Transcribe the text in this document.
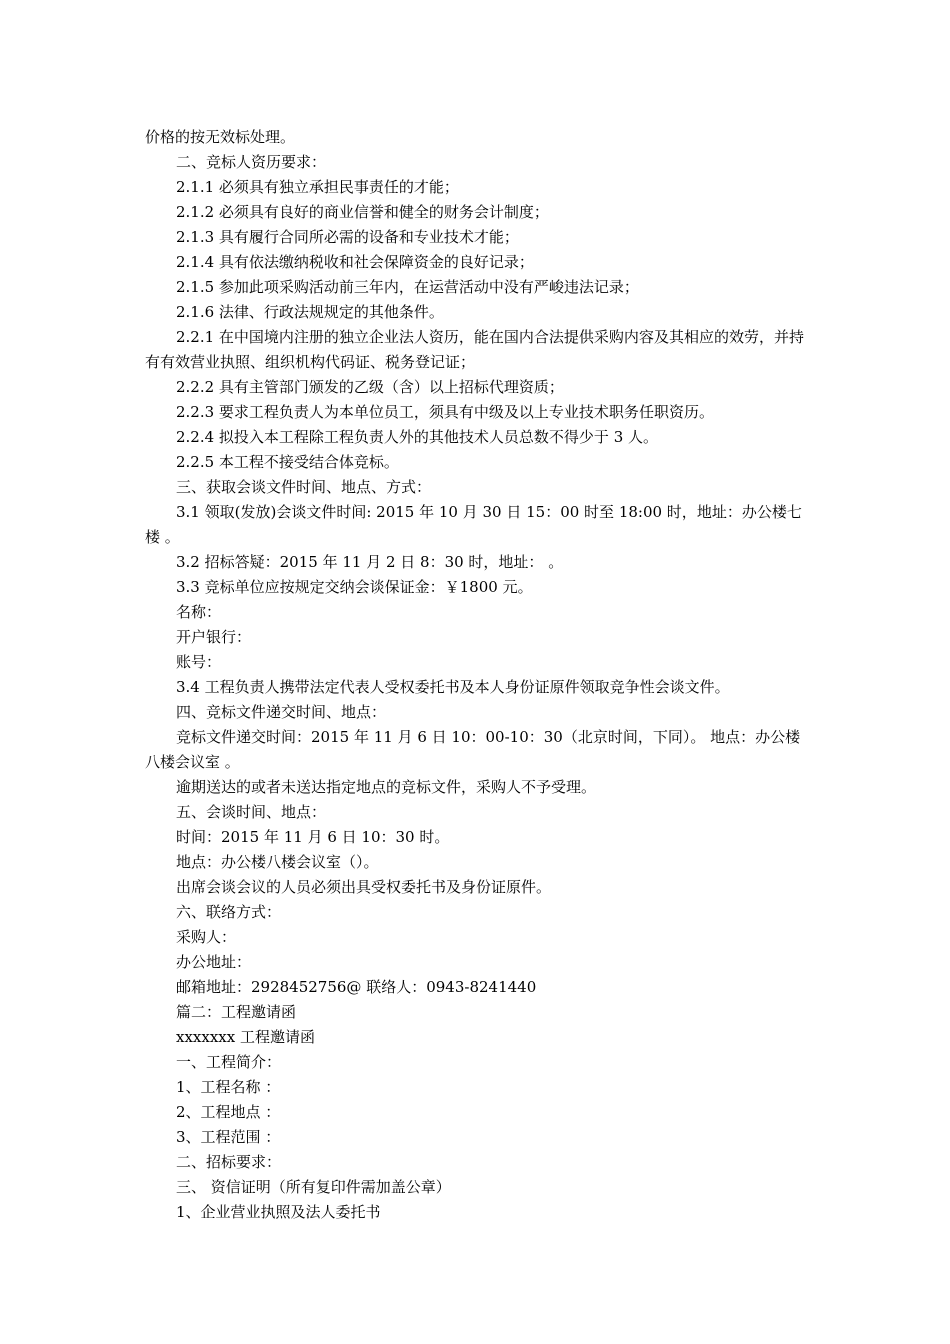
价格的按无效标处理。

二、竞标人资历要求：

2.1.1 必须具有独立承担民事责任的才能；

2.1.2 必须具有良好的商业信誉和健全的财务会计制度；

2.1.3 具有履行合同所必需的设备和专业技术才能；

2.1.4 具有依法缴纳税收和社会保障资金的良好记录；

2.1.5 参加此项采购活动前三年内，在运营活动中没有严峻违法记录；

2.1.6 法律、行政法规规定的其他条件。

2.2.1 在中国境内注册的独立企业法人资历，能在国内合法提供采购内容及其相应的效劳，并持有有效营业执照、组织机构代码证、税务登记证；

2.2.2 具有主管部门颁发的乙级（含）以上招标代理资质；

2.2.3 要求工程负责人为本单位员工，须具有中级及以上专业技术职务任职资历。

2.2.4 拟投入本工程除工程负责人外的其他技术人员总数不得少于 3 人。

2.2.5 本工程不接受结合体竞标。

三、获取会谈文件时间、地点、方式：

3.1 领取(发放)会谈文件时间: 2015 年 10 月 30 日 15：00 时至 18:00 时，地址：办公楼七楼 。

3.2 招标答疑：2015 年 11 月 2 日 8：30 时，地址： 。

3.3 竞标单位应按规定交纳会谈保证金：￥1800 元。

名称：

开户银行：

账号：

3.4 工程负责人携带法定代表人受权委托书及本人身份证原件领取竞争性会谈文件。

四、竞标文件递交时间、地点：

竞标文件递交时间：2015 年 11 月 6 日 10：00-10：30（北京时间，下同）。 地点：办公楼八楼会议室 。

逾期送达的或者未送达指定地点的竞标文件，采购人不予受理。

五、会谈时间、地点：

时间：2015 年 11 月 6 日 10：30 时。

地点：办公楼八楼会议室（）。

出席会谈会议的人员必须出具受权委托书及身份证原件。

六、联络方式：

采购人：

办公地址：

邮箱地址：2928452756@ 联络人：0943-8241440

篇二：工程邀请函

xxxxxxx 工程邀请函

一、工程简介：

1、工程名称 ：

2、工程地点 ：

3、工程范围 ：

二、招标要求：

三、 资信证明（所有复印件需加盖公章）

1、企业营业执照及法人委托书
